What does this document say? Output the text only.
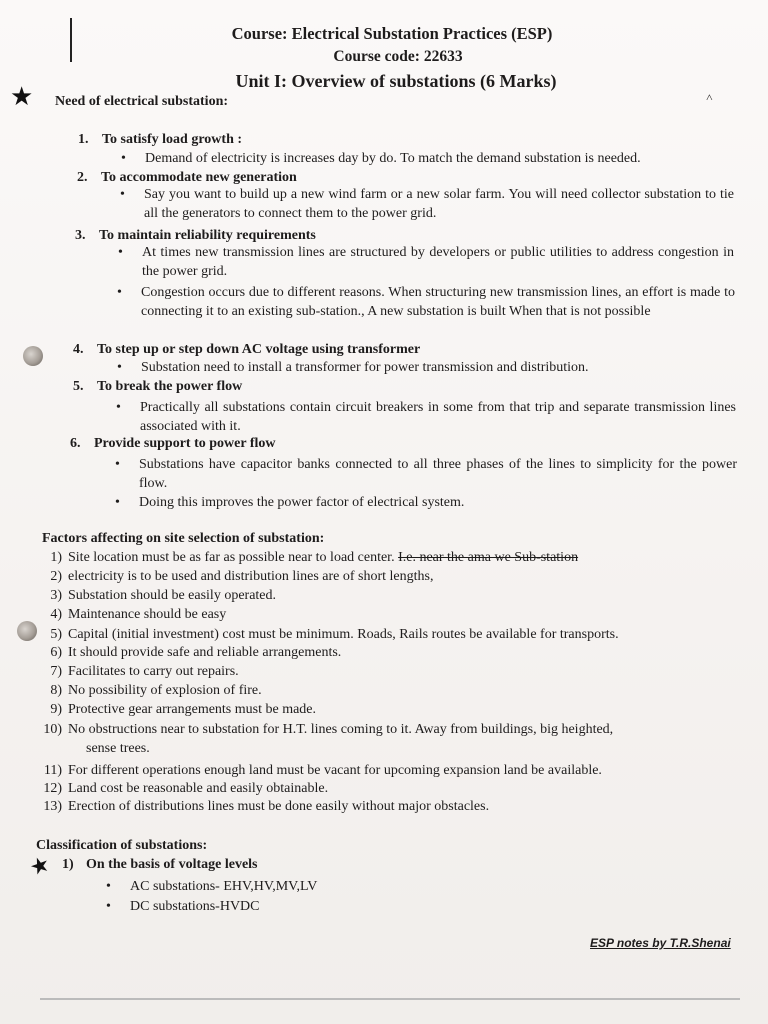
Course: Electrical Substation Practices (ESP)
Course code: 22633
Unit I: Overview of substations (6 Marks)
˄
★ Need of electrical substation:
1. To satisfy load growth :
• Demand of electricity is increases day by do. To match the demand substation is needed.
2. To accommodate new generation
• Say you want to build up a new wind farm or a new solar farm. You will need collector substation to tie all the generators to connect them to the power grid.
3. To maintain reliability requirements
• At times new transmission lines are structured by developers or public utilities to address congestion in the power grid.
• Congestion occurs due to different reasons. When structuring new transmission lines, an effort is made to connecting it to an existing sub-station., A new substation is built When that is not possible
4. To step up or step down AC voltage using transformer
• Substation need to install a transformer for power transmission and distribution.
5. To break the power flow
• Practically all substations contain circuit breakers in some from that trip and separate transmission lines associated with it.
6. Provide support to power flow
• Substations have capacitor banks connected to all three phases of the lines to simplicity for the power flow.
• Doing this improves the power factor of electrical system.
Factors affecting on site selection of substation:
1) Site location must be as far as possible near to load center. I.e. near the ama we Sub-station
2) electricity is to be used and distribution lines are of short lengths,
3) Substation should be easily operated.
4) Maintenance should be easy
5) Capital (initial investment) cost must be minimum. Roads, Rails routes be available for transports.
6) It should provide safe and reliable arrangements.
7) Facilitates to carry out repairs.
8) No possibility of explosion of fire.
9) Protective gear arrangements must be made.
10) No obstructions near to substation for H.T. lines coming to it. Away from buildings, big heighted,
sense trees.
11) For different operations enough land must be vacant for upcoming expansion land be available.
12) Land cost be reasonable and easily obtainable.
13) Erection of distributions lines must be done easily without major obstacles.
Classification of substations:
★ 1) On the basis of voltage levels
• AC substations- EHV,HV,MV,LV
• DC substations-HVDC
ESP notes by T.R.Shenai
